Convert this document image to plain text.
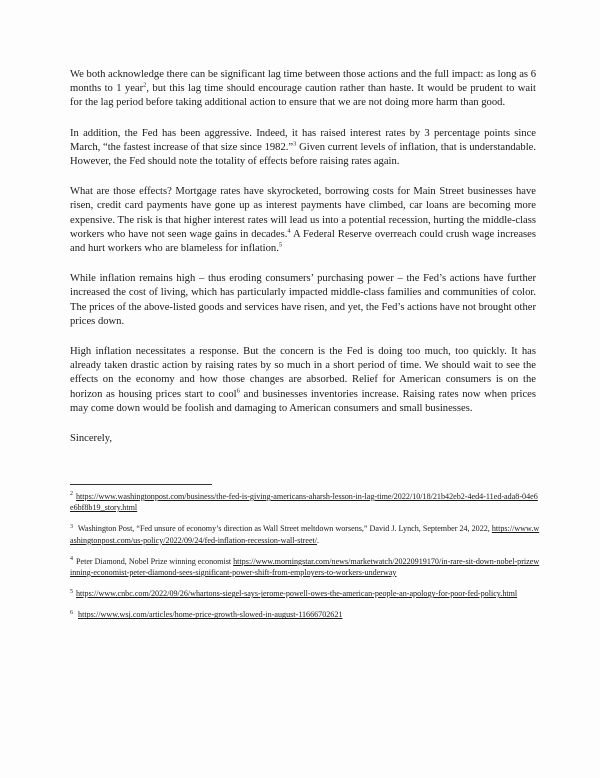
We both acknowledge there can be significant lag time between those actions and the full impact: as long as 6 months to 1 year$^2$, but this lag time should encourage caution rather than haste. It would be prudent to wait for the lag period before taking additional action to ensure that we are not doing more harm than good.

In addition, the Fed has been aggressive. Indeed, it has raised interest rates by 3 percentage points since March, “the fastest increase of that size since 1982.”$^3$ Given current levels of inflation, that is understandable. However, the Fed should note the totality of effects before raising rates again.

What are those effects? Mortgage rates have skyrocketed, borrowing costs for Main Street businesses have risen, credit card payments have gone up as interest payments have climbed, car loans are becoming more expensive. The risk is that higher interest rates will lead us into a potential recession, hurting the middle-class workers who have not seen wage gains in decades.$^4$ A Federal Reserve overreach could crush wage increases and hurt workers who are blameless for inflation.$^5$

While inflation remains high – thus eroding consumers’ purchasing power – the Fed’s actions have further increased the cost of living, which has particularly impacted middle-class families and communities of color. The prices of the above-listed goods and services have risen, and yet, the Fed’s actions have not brought other prices down.

High inflation necessitates a response. But the concern is the Fed is doing too much, too quickly. It has already taken drastic action by raising rates by so much in a short period of time. We should wait to see the effects on the economy and how those changes are absorbed. Relief for American consumers is on the horizon as housing prices start to cool$^6$ and businesses inventories increase. Raising rates now when prices may come down would be foolish and damaging to American consumers and small businesses.

Sincerely,

$^2$ https://www.washingtonpost.com/business/the-fed-is-giving-americans-aharsh-lesson-in-lag-time/2022/10/18/21b42eb2-4ed4-11ed-ada8-04e6e6bf8b19_story.html

$^3$ Washington Post, “Fed unsure of economy’s direction as Wall Street meltdown worsens,” David J. Lynch, September 24, 2022, https://www.washingtonpost.com/us-policy/2022/09/24/fed-inflation-recession-wall-street/.

$^4$ Peter Diamond, Nobel Prize winning economist https://www.morningstar.com/news/marketwatch/20220919170/in-rare-sit-down-nobel-prizewinning-economist-peter-diamond-sees-significant-power-shift-from-employers-to-workers-underway

$^5$ https://www.cnbc.com/2022/09/26/whartons-siegel-says-jerome-powell-owes-the-american-people-an-apology-for-poor-fed-policy.html

$^6$ https://www.wsj.com/articles/home-price-growth-slowed-in-august-11666702621
